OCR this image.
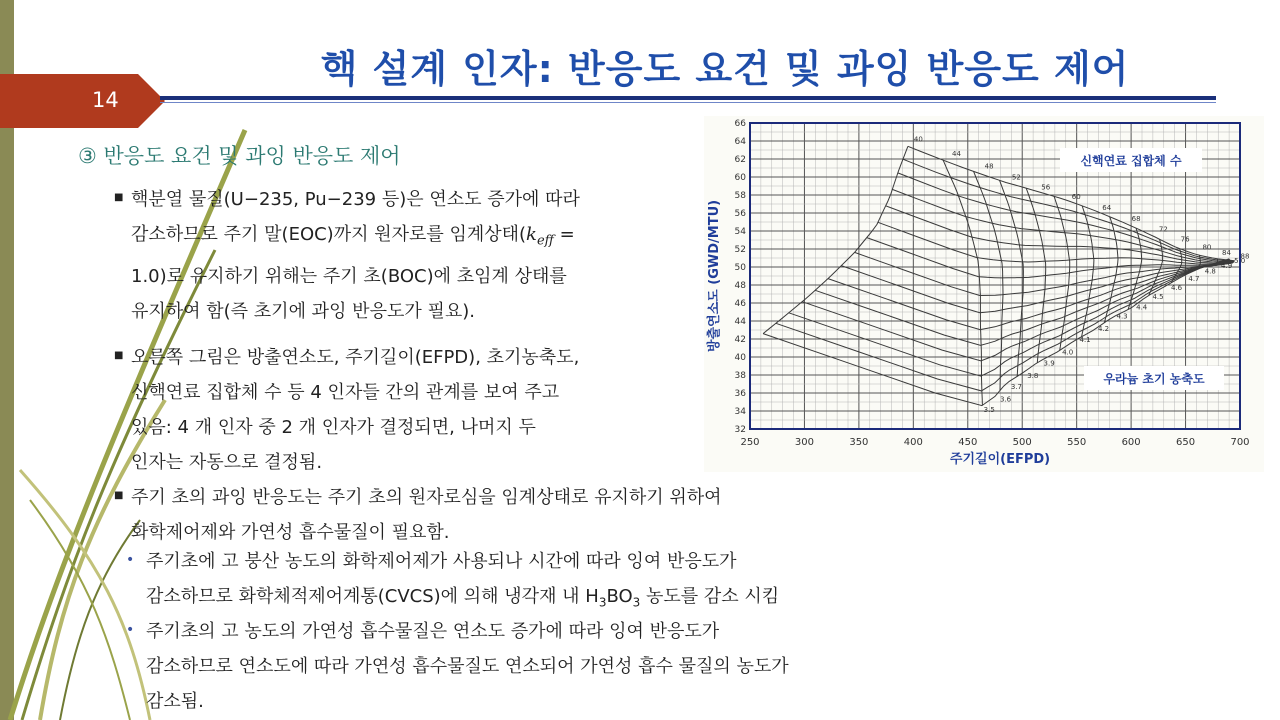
14
핵 설계 인자: 반응도 요건 및 과잉 반응도 제어
③ 반응도 요건 및 과잉 반응도 제어
■ 핵분열 물질(U−235, Pu−239 등)은 연소도 증가에 따라
감소하므로 주기 말(EOC)까지 원자로를 임계상태($k_{eff}$ =
1.0)로 유지하기 위해는 주기 초(BOC)에 초임계 상태를
유지하여 함(즉 초기에 과잉 반응도가 필요).
■ 오른쪽 그림은 방출연소도, 주기길이(EFPD), 초기농축도,
신핵연료 집합체 수 등 4 인자들 간의 관계를 보여 주고
있음: 4 개 인자 중 2 개 인자가 결정되면, 나머지 두
인자는 자동으로 결정됨.
■ 주기 초의 과잉 반응도는 주기 초의 원자로심을 임계상태로 유지하기 위하여
화학제어제와 가연성 흡수물질이 필요함.
• 주기초에 고 붕산 농도의 화학제어제가 사용되나 시간에 따라 잉여 반응도가
감소하므로 화학체적제어계통(CVCS)에 의해 냉각재 내 $H_3BO_3$ 농도를 감소 시킴
• 주기초의 고 농도의 가연성 흡수물질은 연소도 증가에 따라 잉여 반응도가
감소하므로 연소도에 따라 가연성 흡수물질도 연소되어 가연성 흡수 물질의 농도가
감소됨.
250	300	350	400	450	500	550	600	650	700
32
34
36
38
40
42
44
46
48
50
52
54
56
58
60
62
64
66
40
44
48
52
56
60
64
68
72
76
80
84 88
3.5
3.6
3.7
3.8
3.9
4.0
4.1
4.2
4.3
4.4
4.5
4.6
4.7
4.8
4.9
5.0
주기길이(EFPD)
방출연소도 (GWD/MTU)
신핵연료 집합체 수
우라늄 초기 농축도
